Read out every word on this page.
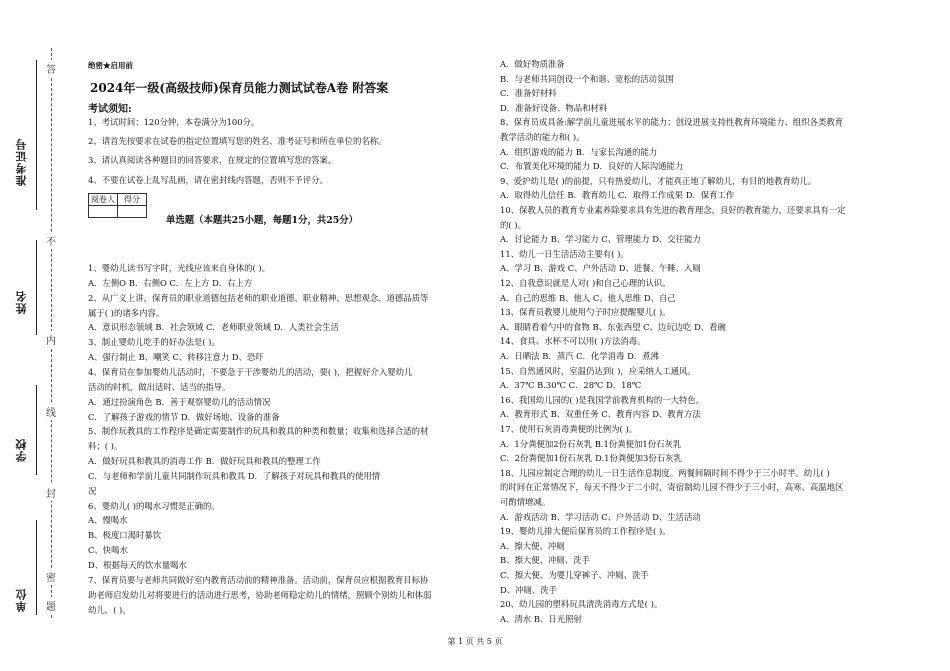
答
不
内
线
封
密
题
准考证号
姓名
学校
单位
绝密★启用前
2024年一级(高级技师)保育员能力测试试卷A卷 附答案
考试须知:
1、考试时间：120分钟，本卷满分为100分。
2、请首先按要求在试卷的指定位置填写您的姓名、准考证号和所在单位的名称。
3、请认真阅读各种题目的回答要求，在规定的位置填写您的答案。
4、不要在试卷上乱写乱画，请在密封线内答题，否则不予评分。
阅卷人	得分

单选题（本题共25小题，每题1分，共25分）
1、婴幼儿读书写字时，光线应该来自身体的( )。
A．左侧O B．右侧O C．左上方 D．右上方
2、从广义上讲，保育员的职业道德包括老师的职业道德、职业精神、思想观念、道德品质等
属于( )的诸多内容。
A．意识形态领域 B．社会领域 C．老师职业领域 D．人类社会生活
3、制止婴幼儿吃手的好办法是( )。
A、强行制止 B、嘲笑 C、转移注意力 D、恐吓
4、保育员在参加婴幼儿活动时，不要急于干涉婴幼儿的活动，要( )，把握好介入婴幼儿
活动的时机，做出适时、适当的指导。
A．通过扮演角色 B．善于观察婴幼儿的活动情况
C．了解孩子游戏的情节 D．做好场地、设备的准备
5、制作玩教具的工作程序是确定需要制作的玩具和教具的种类和数量；收集和选择合适的材
料；( )。
A．做好玩具和教具的消毒工作 B．做好玩具和教具的整理工作
C．与老师和学前儿童共同制作玩具和教具 D．了解孩子对玩具和教具的使用情
况
6、婴幼儿( )的喝水习惯是正确的。
A、慢喝水
B、极度口渴时暴饮
C、快喝水
D、根据每天的饮水量喝水
7、保育员要与老师共同做好室内教育活动前的精神准备。活动前，保育员应根据教育目标协
助老师启发幼儿对将要进行的活动进行思考，协助老师稳定幼儿的情绪，照顾个别幼儿和体弱
幼儿，( )。
A．做好物质准备
B．与老师共同创设一个和谐、宽松的活动氛围
C．准备好材料
D．准备好设备、物品和材料
8、保育员成具备:解学前儿童进展水平的能力；创设进展支持性教育环境能力、组织各类教育
教学活动的能力和( )。
A．组织游戏的能力 B．与家长沟通的能力
C．布置美化环境的能力 D．良好的人际沟通能力
9、爱护幼儿是( )的前提，只有热爱幼儿，才能真正地了解幼儿，有目的地教育幼儿。
A．取得幼儿信任 B．教育幼儿 C．取得工作成果 D．保育工作
10、保教人员的教育专业素养除要求具有先进的教育理念，良好的教育能力，还要求具有一定
的( )。
A．讨论能力 B、学习能力 C、管理能力 D、交往能力
11、幼儿一日生活活动主要有( )。
A、学习 B、游戏 C、户外活动 D、进餐、午睡、入厕
12、自我意识就是人对( )和自己心理的认识。
A、自己的思维 B、他人 C、他人思维 D、自己
13、保育员教婴儿使用勺子时应提醒婴儿( )。
A、眼睛看着勺中的食物 B、东张西望 C、边玩边吃 D、看碗
14、食具、水杯不可以用( )方法消毒。
A．日晒法 B．蒸汽 C．化学消毒 D．煮沸
15、自然通风时，室温仍达到( )，应采纳人工通风。
A．37℃ B.30℃ C．28℃ D．18℃
16、我国幼儿园的( )是我国学前教育机构的一大特色。
A、教育形式 B、双重任务 C、教育内容 D、教育方法
17、使用石灰消毒粪便的比例为( )。
A．1分粪便加2份石灰乳 B.1份粪便加1份石灰乳
C．2份粪便加1份石灰乳 D.1份粪便加3份石灰乳
18、儿园应制定合理的幼儿一日生活作息制度。两餐间隔时间不得少于三小时半。幼儿( )
的时间在正常情况下，每天不得少于二小时，寄宿制幼儿园不得少于三小时，高寒、高温地区
可酌情增减。
A．游戏活动 B、学习活动 C、户外活动 D、生活活动
19、婴幼儿排大便后保育员的工作程序是( )。
A、擦大便、冲厕
B、擦大便、冲厕、洗手
C、擦大便、为婴儿穿裤子、冲厕、洗手
D、冲厕、洗手
20、幼儿园的塑料玩具清洗消毒方式是( )。
A、清水 B、日光照射
第 1 页 共 5 页
